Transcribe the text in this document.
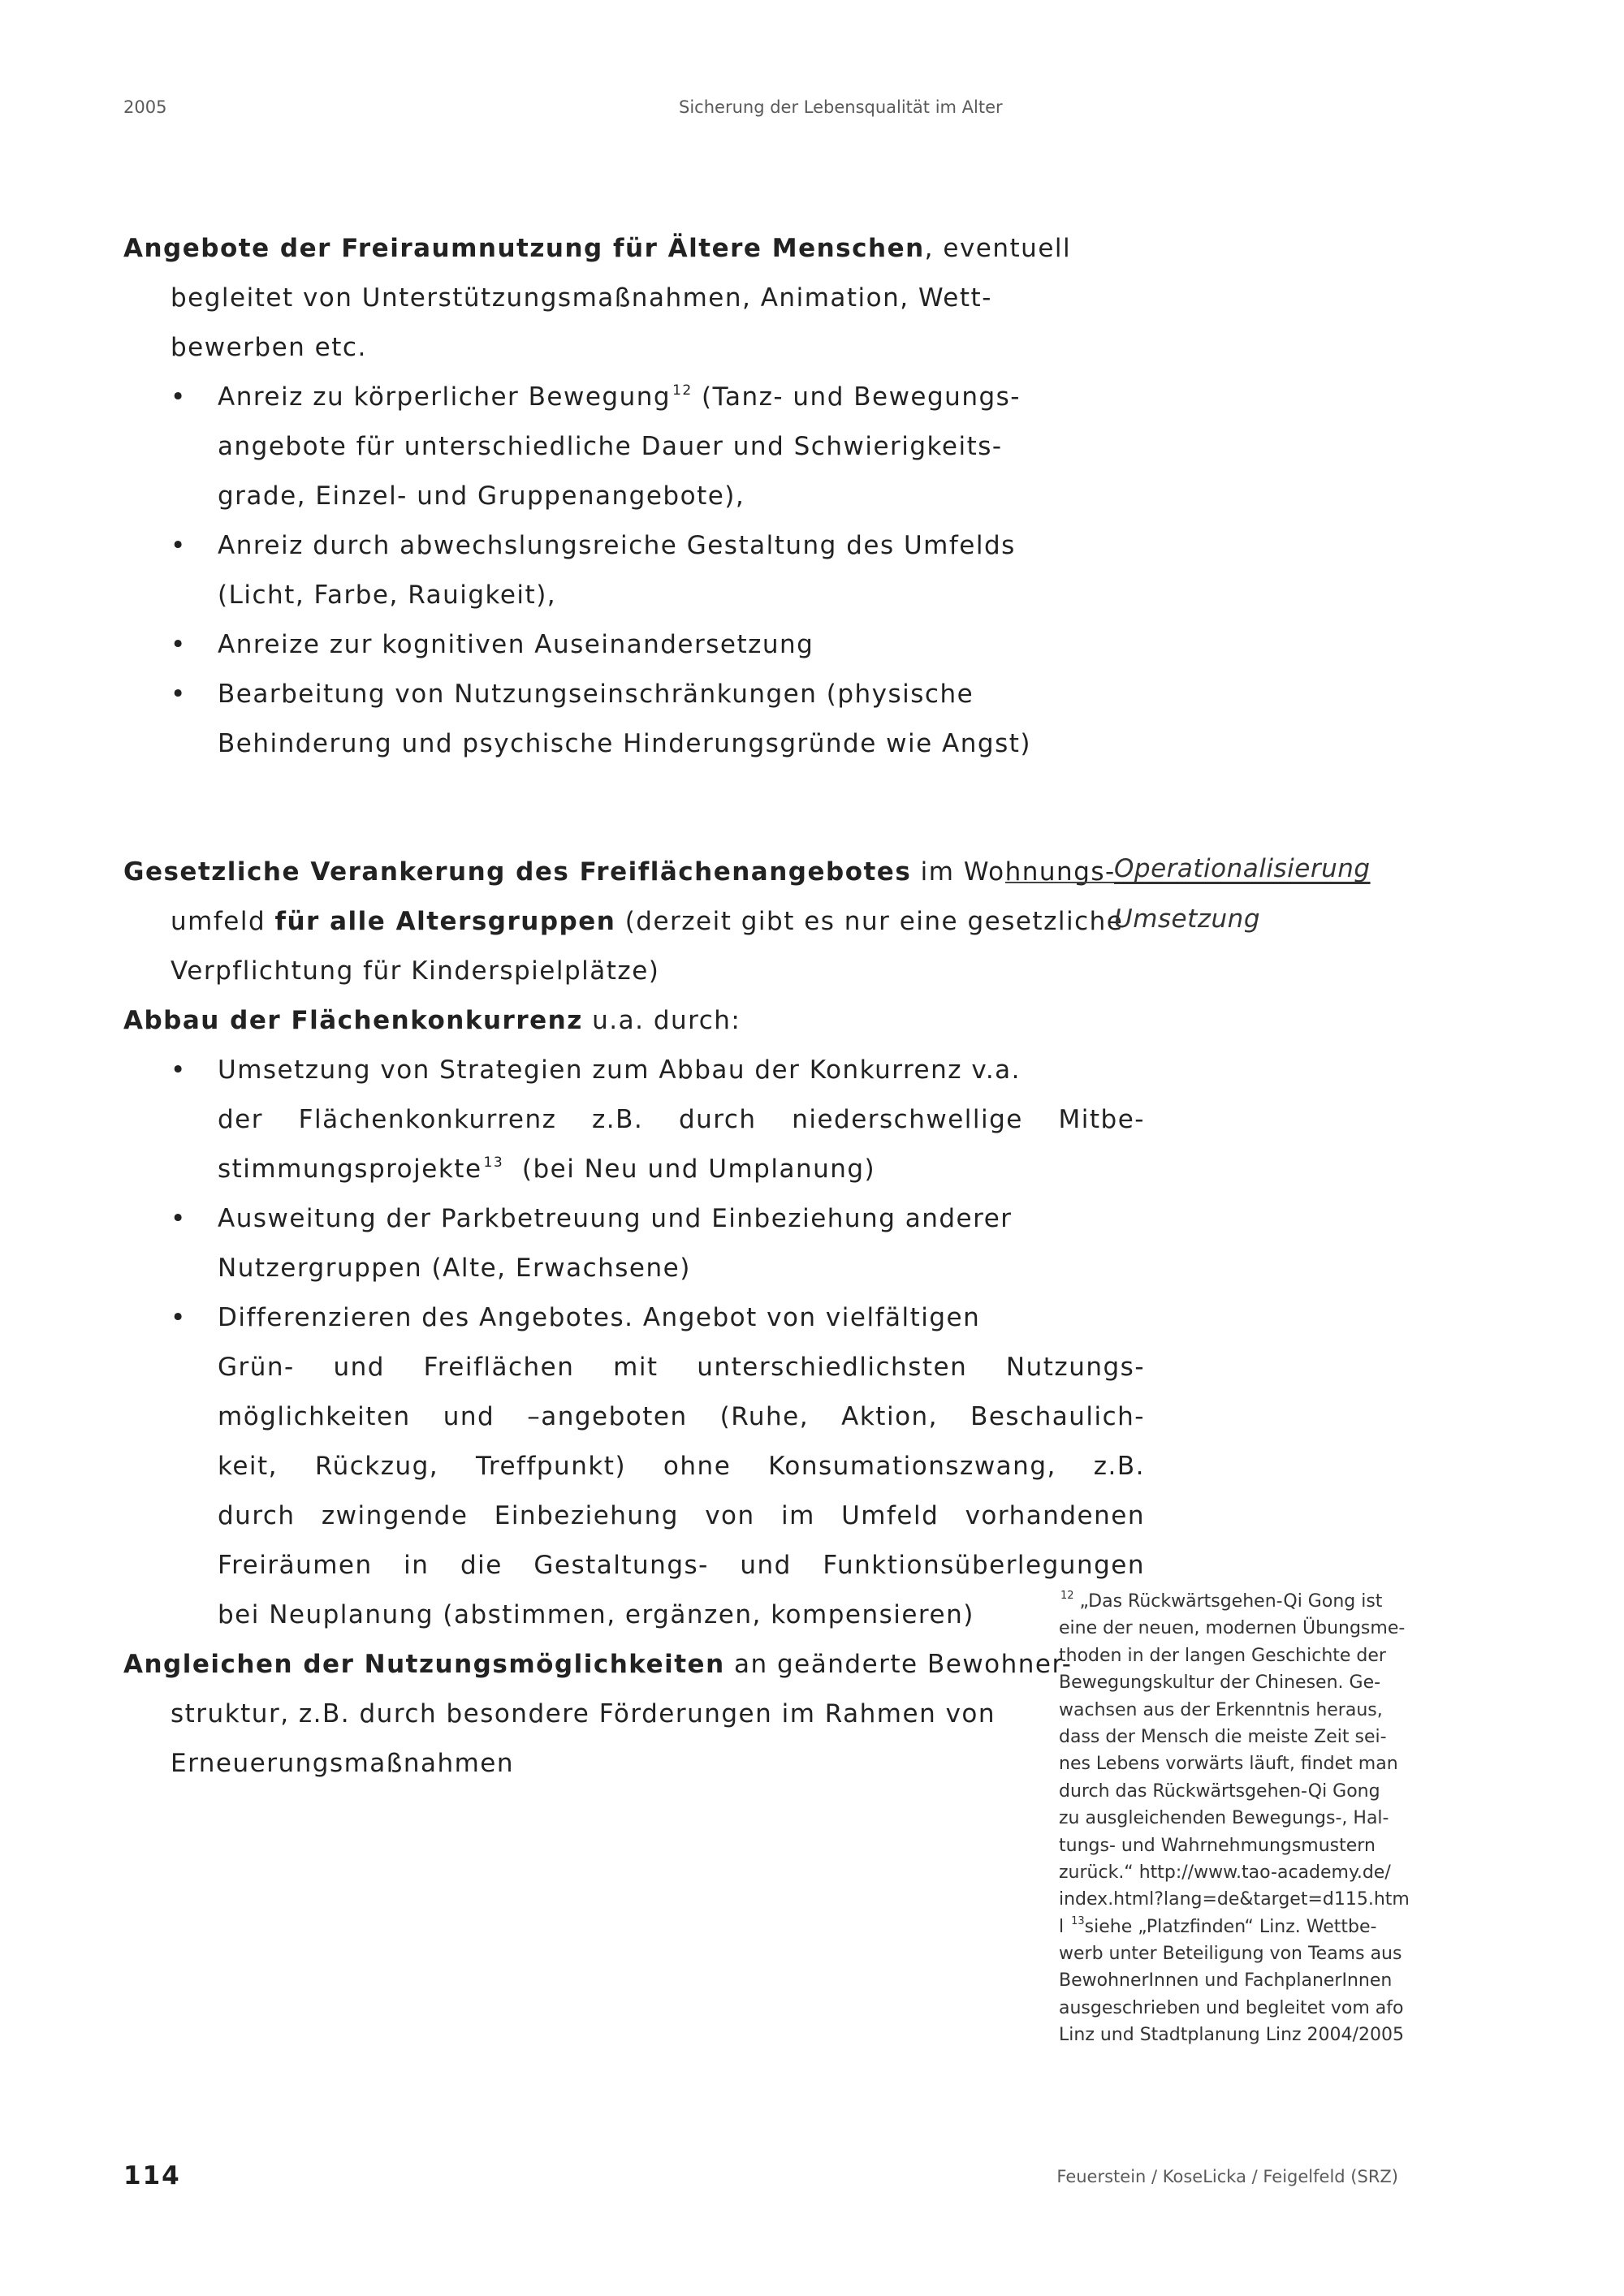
2005	Sicherung der Lebensqualität im Alter
Angebote der Freiraumnutzung für Ältere Menschen, eventuell
begleitet von Unterstützungsmaßnahmen, Animation, Wett-
bewerben etc.
• Anreiz zu körperlicher Bewegung $^{12}$ (Tanz- und Bewegungs-
angebote für unterschiedliche Dauer und Schwierigkeits-
grade, Einzel- und Gruppenangebote),
• Anreiz durch abwechslungsreiche Gestaltung des Umfelds
(Licht, Farbe, Rauigkeit),
• Anreize zur kognitiven Auseinandersetzung
• Bearbeitung von Nutzungseinschränkungen (physische
Behinderung und psychische Hinderungsgründe wie Angst)
Gesetzliche Verankerung des Freiflächenangebotes im Wohnungs-
umfeld für alle Altersgruppen (derzeit gibt es nur eine gesetzliche
Verpflichtung für Kinderspielplätze)
Abbau der Flächenkonkurrenz u.a. durch:
• Umsetzung von Strategien zum Abbau der Konkurrenz v.a.
der Flächenkonkurrenz z.B. durch niederschwellige Mitbe-
stimmungsprojekte $^{13}$  (bei Neu und Umplanung)
• Ausweitung der Parkbetreuung und Einbeziehung anderer
Nutzergruppen (Alte, Erwachsene)
• Differenzieren des Angebotes. Angebot von vielfältigen
Grün- und Freiflächen mit unterschiedlichsten Nutzungs-
möglichkeiten und –angeboten (Ruhe, Aktion, Beschaulich-
keit, Rückzug, Treffpunkt) ohne Konsumationszwang, z.B.
durch zwingende Einbeziehung von im Umfeld vorhandenen
Freiräumen in die Gestaltungs- und Funktionsüberlegungen
bei Neuplanung (abstimmen, ergänzen, kompensieren)
Angleichen der Nutzungsmöglichkeiten an geänderte Bewohner-
struktur, z.B. durch besondere Förderungen im Rahmen von
Erneuerungsmaßnahmen
Operationalisierung
Umsetzung
$^{12}$ „Das Rückwärtsgehen-Qi Gong ist
eine der neuen, modernen Übungsme-
thoden in der langen Geschichte der
Bewegungskultur der Chinesen. Ge-
wachsen aus der Erkenntnis heraus,
dass der Mensch die meiste Zeit sei-
nes Lebens vorwärts läuft, findet man
durch das Rückwärtsgehen-Qi Gong
zu ausgleichenden Bewegungs-, Hal-
tungs- und Wahrnehmungsmustern
zurück.“ http://www.tao-academy.de/
index.html?lang=de&target=d115.htm
l $^{13}$siehe „Platzfinden“ Linz. Wettbe-
werb unter Beteiligung von Teams aus
BewohnerInnen und FachplanerInnen
ausgeschrieben und begleitet vom afo
Linz und Stadtplanung Linz 2004/2005
114	Feuerstein / KoseLicka / Feigelfeld (SRZ)
